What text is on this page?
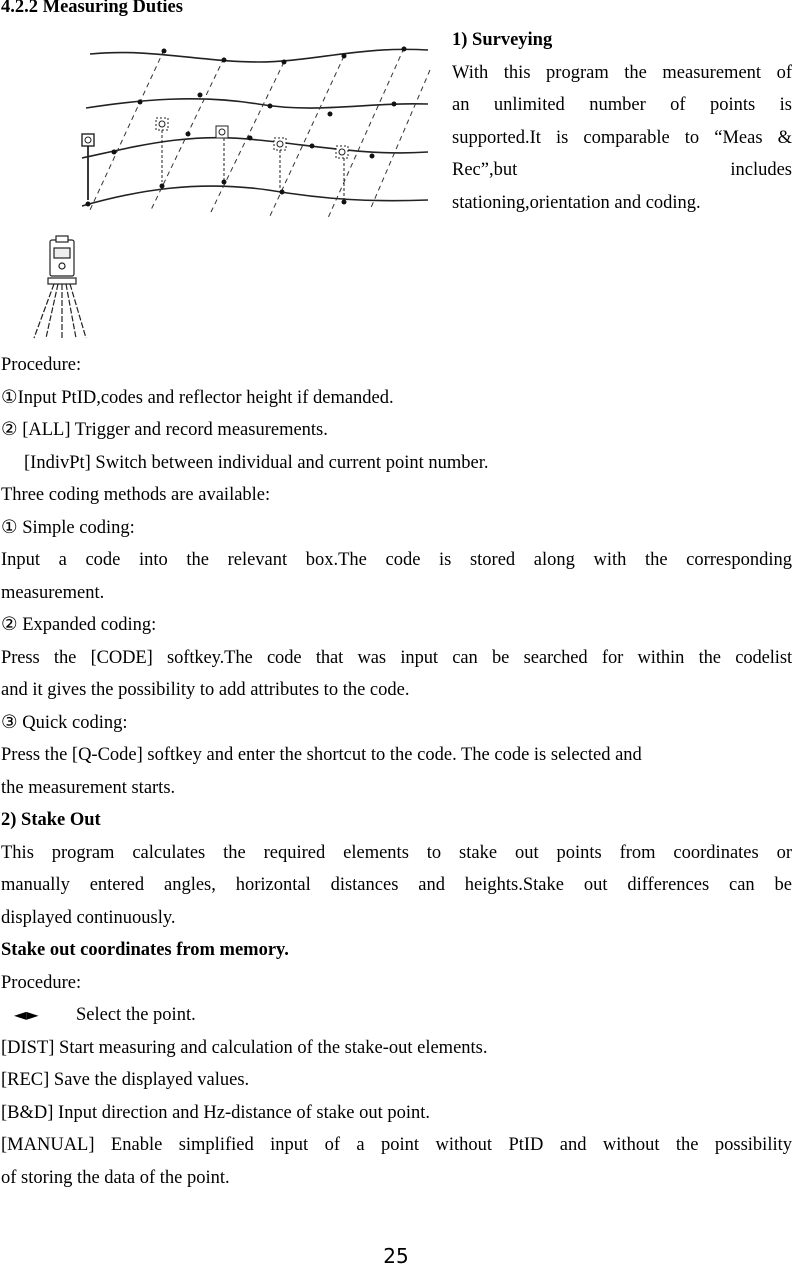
4.2.2 Measuring Duties
1) Surveying
With this program the measurement of
an unlimited number of points is
supported.It is comparable to “Meas &
Rec”,but includes
stationing,orientation and coding.
Procedure:
①Input PtID,codes and reflector height if demanded.
② [ALL] Trigger and record measurements.
[IndivPt] Switch between individual and current point number.
Three coding methods are available:
① Simple coding:
Input a code into the relevant box.The code is stored along with the corresponding
measurement.
② Expanded coding:
Press the [CODE] softkey.The code that was input can be searched for within the codelist
and it gives the possibility to add attributes to the code.
③ Quick coding:
Press the [Q-Code] softkey and enter the shortcut to the code. The code is selected and
the measurement starts.
2) Stake Out
This program calculates the required elements to stake out points from coordinates or
manually entered angles, horizontal distances and heights.Stake out differences can be
displayed continuously.
Stake out coordinates from memory.
Procedure:
◄►	Select the point.
[DIST] Start measuring and calculation of the stake-out elements.
[REC] Save the displayed values.
[B&D] Input direction and Hz-distance of stake out point.
[MANUAL] Enable simplified input of a point without PtID and without the possibility
of storing the data of the point.
25
